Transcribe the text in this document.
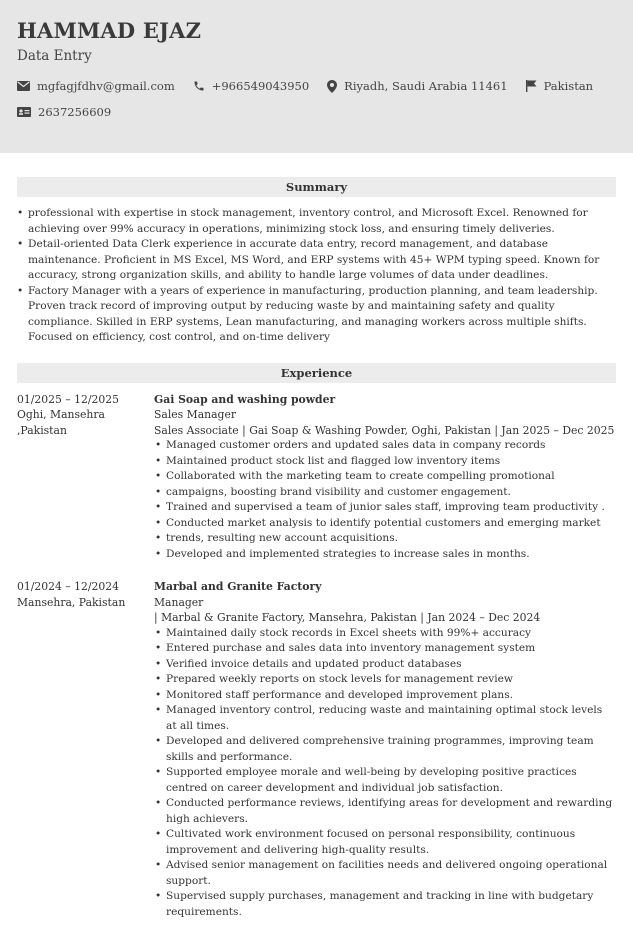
HAMMAD EJAZ
Data Entry
mgfagjfdhv@gmail.com	+966549043950	Riyadh, Saudi Arabia 11461	Pakistan
2637256609
Summary
• professional with expertise in stock management, inventory control, and Microsoft Excel. Renowned for achieving over 99% accuracy in operations, minimizing stock loss, and ensuring timely deliveries.
• Detail-oriented Data Clerk experience in accurate data entry, record management, and database maintenance. Proficient in MS Excel, MS Word, and ERP systems with 45+ WPM typing speed. Known for accuracy, strong organization skills, and ability to handle large volumes of data under deadlines.
• Factory Manager with a years of experience in manufacturing, production planning, and team leadership. Proven track record of improving output by reducing waste by and maintaining safety and quality compliance. Skilled in ERP systems, Lean manufacturing, and managing workers across multiple shifts. Focused on efficiency, cost control, and on-time delivery
Experience
01/2025 – 12/2025
Oghi, Mansehra ,Pakistan
Gai Soap and washing powder
Sales Manager
Sales Associate | Gai Soap & Washing Powder, Oghi, Pakistan | Jan 2025 – Dec 2025
• Managed customer orders and updated sales data in company records
• Maintained product stock list and flagged low inventory items
• Collaborated with the marketing team to create compelling promotional
• campaigns, boosting brand visibility and customer engagement.
• Trained and supervised a team of junior sales staff, improving team productivity .
• Conducted market analysis to identify potential customers and emerging market
• trends, resulting new account acquisitions.
• Developed and implemented strategies to increase sales in months.
01/2024 – 12/2024
Mansehra, Pakistan
Marbal and Granite Factory
Manager
| Marbal & Granite Factory, Mansehra, Pakistan | Jan 2024 – Dec 2024
• Maintained daily stock records in Excel sheets with 99%+ accuracy
• Entered purchase and sales data into inventory management system
• Verified invoice details and updated product databases
• Prepared weekly reports on stock levels for management review
• Monitored staff performance and developed improvement plans.
• Managed inventory control, reducing waste and maintaining optimal stock levels at all times.
• Developed and delivered comprehensive training programmes, improving team skills and performance.
• Supported employee morale and well-being by developing positive practices centred on career development and individual job satisfaction.
• Conducted performance reviews, identifying areas for development and rewarding high achievers.
• Cultivated work environment focused on personal responsibility, continuous improvement and delivering high-quality results.
• Advised senior management on facilities needs and delivered ongoing operational support.
• Supervised supply purchases, management and tracking in line with budgetary requirements.
